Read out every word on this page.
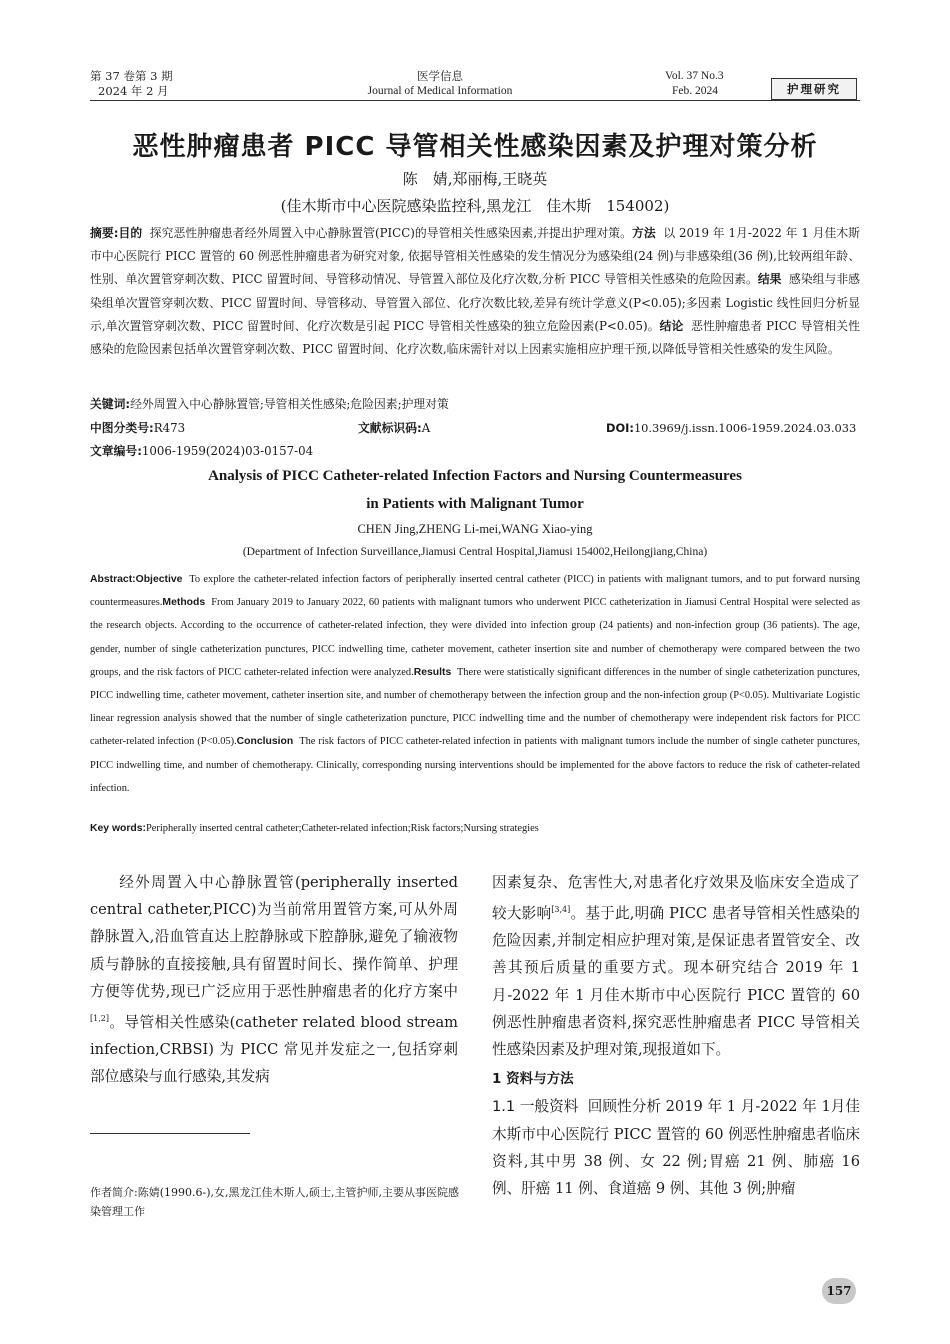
第 37 卷第 3 期
2024 年 2 月
医学信息
Journal of Medical Information
Vol. 37 No.3
Feb. 2024	护理研究
恶性肿瘤患者 PICC 导管相关性感染因素及护理对策分析
陈　婧,郑丽梅,王晓英
(佳木斯市中心医院感染监控科,黑龙江　佳木斯　154002)
摘要:目的 探究恶性肿瘤患者经外周置入中心静脉置管(PICC)的导管相关性感染因素,并提出护理对策。方法 以 2019 年 1月-2022 年 1 月佳木斯市中心医院行 PICC 置管的 60 例恶性肿瘤患者为研究对象, 依据导管相关性感染的发生情况分为感染组(24 例)与非感染组(36 例),比较两组年龄、性别、单次置管穿刺次数、PICC 留置时间、导管移动情况、导管置入部位及化疗次数,分析 PICC 导管相关性感染的危险因素。结果 感染组与非感染组单次置管穿刺次数、PICC 留置时间、导管移动、导管置入部位、化疗次数比较,差异有统计学意义(P<0.05);多因素 Logistic 线性回归分析显示,单次置管穿刺次数、PICC 留置时间、化疗次数是引起 PICC 导管相关性感染的独立危险因素(P<0.05)。结论 恶性肿瘤患者 PICC 导管相关性感染的危险因素包括单次置管穿刺次数、PICC 留置时间、化疗次数,临床需针对以上因素实施相应护理干预,以降低导管相关性感染的发生风险。
关键词:经外周置入中心静脉置管;导管相关性感染;危险因素;护理对策
中图分类号:R473	文献标识码:A	DOI:10.3969/j.issn.1006-1959.2024.03.033
文章编号:1006-1959(2024)03-0157-04
Analysis of PICC Catheter-related Infection Factors and Nursing Countermeasures
in Patients with Malignant Tumor
CHEN Jing,ZHENG Li-mei,WANG Xiao-ying
(Department of Infection Surveillance,Jiamusi Central Hospital,Jiamusi 154002,Heilongjiang,China)
Abstract:Objective To explore the catheter-related infection factors of peripherally inserted central catheter (PICC) in patients with malignant tumors, and to put forward nursing countermeasures.Methods From January 2019 to January 2022, 60 patients with malignant tumors who underwent PICC catheterization in Jiamusi Central Hospital were selected as the research objects. According to the occurrence of catheter-related infection, they were divided into infection group (24 patients) and non-infection group (36 patients). The age, gender, number of single catheterization punctures, PICC indwelling time, catheter movement, catheter insertion site and number of chemotherapy were compared between the two groups, and the risk factors of PICC catheter-related infection were analyzed.Results There were statistically significant differences in the number of single catheterization punctures, PICC indwelling time, catheter movement, catheter insertion site, and number of chemotherapy between the infection group and the non-infection group (P<0.05). Multivariate Logistic linear regression analysis showed that the number of single catheterization puncture, PICC indwelling time and the number of chemotherapy were independent risk factors for PICC catheter-related infection (P<0.05).Conclusion The risk factors of PICC catheter-related infection in patients with malignant tumors include the number of single catheter punctures, PICC indwelling time, and number of chemotherapy. Clinically, corresponding nursing interventions should be implemented for the above factors to reduce the risk of catheter-related infection.
Key words:Peripherally inserted central catheter;Catheter-related infection;Risk factors;Nursing strategies

经外周置入中心静脉置管(peripherally inserted central catheter,PICC)为当前常用置管方案,可从外周静脉置入,沿血管直达上腔静脉或下腔静脉,避免了输液物质与静脉的直接接触,具有留置时间长、操作简单、护理方便等优势,现已广泛应用于恶性肿瘤患者的化疗方案中[1,2]。导管相关性感染(catheter related blood stream infection,CRBSI) 为 PICC 常见并发症之一,包括穿刺部位感染与血行感染,其发病

因素复杂、危害性大,对患者化疗效果及临床安全造成了较大影响[3,4]。基于此,明确 PICC 患者导管相关性感染的危险因素,并制定相应护理对策,是保证患者置管安全、改善其预后质量的重要方式。现本研究结合 2019 年 1 月-2022 年 1 月佳木斯市中心医院行 PICC 置管的 60 例恶性肿瘤患者资料,探究恶性肿瘤患者 PICC 导管相关性感染因素及护理对策,现报道如下。

1 资料与方法

1.1 一般资料 回顾性分析 2019 年 1 月-2022 年 1月佳木斯市中心医院行 PICC 置管的 60 例恶性肿瘤患者临床资料,其中男 38 例、女 22 例;胃癌 21 例、肺癌 16 例、肝癌 11 例、食道癌 9 例、其他 3 例;肿瘤

作者简介:陈婧(1990.6-),女,黑龙江佳木斯人,硕士,主管护师,主要从事医院感染管理工作
157
